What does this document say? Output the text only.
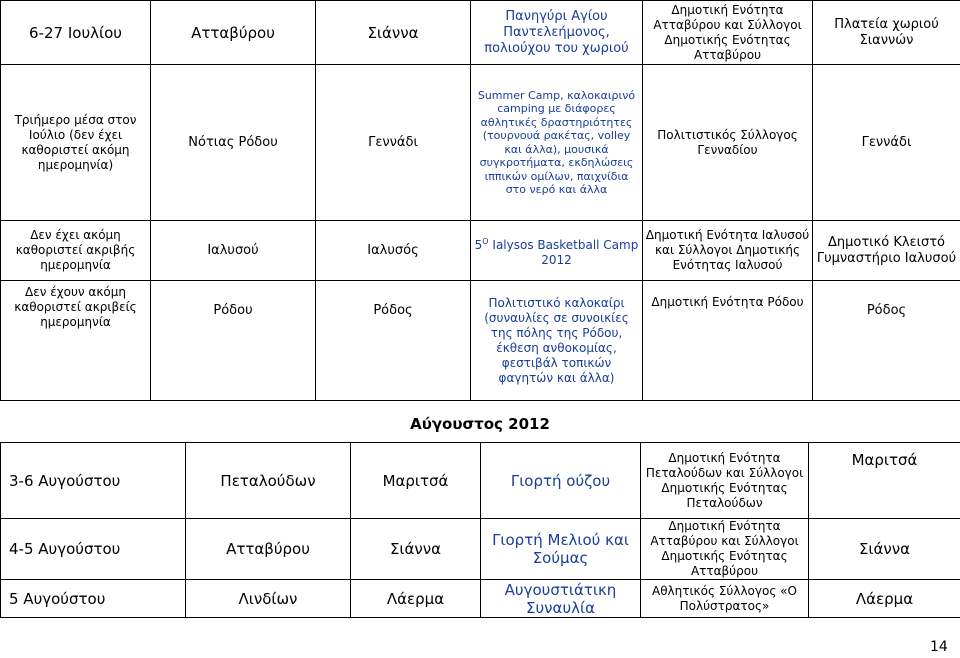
6-27 Ιουλίου	Ατταβύρου	Σιάννα	Πανηγύρι Αγίου Παντελεήμονος, πολιούχου του χωριού	Δημοτική Ενότητα Ατταβύρου και Σύλλογοι Δημοτικής Ενότητας Ατταβύρου	Πλατεία χωριού Σιαννών
Τριήμερο μέσα στον Ιούλιο (δεν έχει καθοριστεί ακόμη ημερομηνία)	Νότιας Ρόδου	Γεννάδι	Summer Camp, καλοκαιρινό camping με διάφορες αθλητικές δραστηριότητες (τουρνουά ρακέτας, volley και άλλα), μουσικά συγκροτήματα, εκδηλώσεις ιππικών ομίλων, παιχνίδια στο νερό και άλλα	Πολιτιστικός Σύλλογος Γενναδίου	Γεννάδι
Δεν έχει ακόμη καθοριστεί ακριβής ημερομηνία	Ιαλυσού	Ιαλυσός	$5^O$ Ialysos Basketball Camp 2012	Δημοτική Ενότητα Ιαλυσού και Σύλλογοι Δημοτικής Ενότητας Ιαλυσού	Δημοτικό Κλειστό Γυμναστήριο Ιαλυσού
Δεν έχουν ακόμη καθοριστεί ακριβείς ημερομηνία	Ρόδου	Ρόδος	Πολιτιστικό καλοκαίρι (συναυλίες σε συνοικίες της πόλης της Ρόδου, έκθεση ανθοκομίας, φεστιβάλ τοπικών φαγητών και άλλα)	Δημοτική Ενότητα Ρόδου	Ρόδος
Αύγουστος 2012
3-6 Αυγούστου	Πεταλούδων	Μαριτσά	Γιορτή ούζου	Δημοτική Ενότητα Πεταλούδων και Σύλλογοι Δημοτικής Ενότητας Πεταλούδων	Μαριτσά
4-5 Αυγούστου	Ατταβύρου	Σιάννα	Γιορτή Μελιού και Σούμας	Δημοτική Ενότητα Ατταβύρου και Σύλλογοι Δημοτικής Ενότητας Ατταβύρου	Σιάννα
5 Αυγούστου	Λινδίων	Λάερμα	Αυγουστιάτικη Συναυλία	Αθλητικός Σύλλογος «Ο Πολύστρατος»	Λάερμα
14
